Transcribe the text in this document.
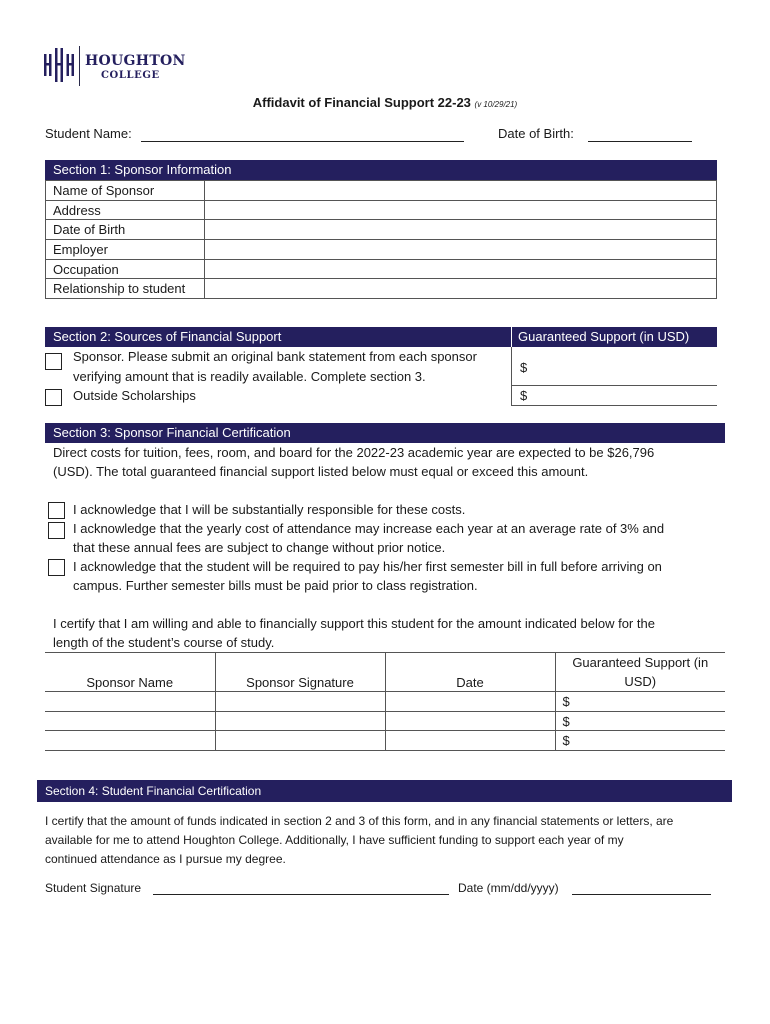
HOUGHTON
COLLEGE
Affidavit of Financial Support 22-23 (v 10/29/21)
Student Name:	Date of Birth:
Section 1: Sponsor Information
Name of Sponsor	
Address	
Date of Birth	
Employer	
Occupation	
Relationship to student	
Section 2: Sources of Financial Support	Guaranteed Support (in USD)
Sponsor. Please submit an original bank statement from each sponsor
verifying amount that is readily available. Complete section 3.
$
Outside Scholarships	$
Section 3: Sponsor Financial Certification
Direct costs for tuition, fees, room, and board for the 2022-23 academic year are expected to be $26,796
(USD). The total guaranteed financial support listed below must equal or exceed this amount.
I acknowledge that I will be substantially responsible for these costs.
I acknowledge that the yearly cost of attendance may increase each year at an average rate of 3% and
that these annual fees are subject to change without prior notice.
I acknowledge that the student will be required to pay his/her first semester bill in full before arriving on
campus. Further semester bills must be paid prior to class registration.
I certify that I am willing and able to financially support this student for the amount indicated below for the
length of the student’s course of study.
Sponsor Name	Sponsor Signature	Date	Guaranteed Support (in
USD)
			$
			$
			$
Section 4: Student Financial Certification
I certify that the amount of funds indicated in section 2 and 3 of this form, and in any financial statements or letters, are
available for me to attend Houghton College. Additionally, I have sufficient funding to support each year of my
continued attendance as I pursue my degree.
Student Signature	Date (mm/dd/yyyy)
